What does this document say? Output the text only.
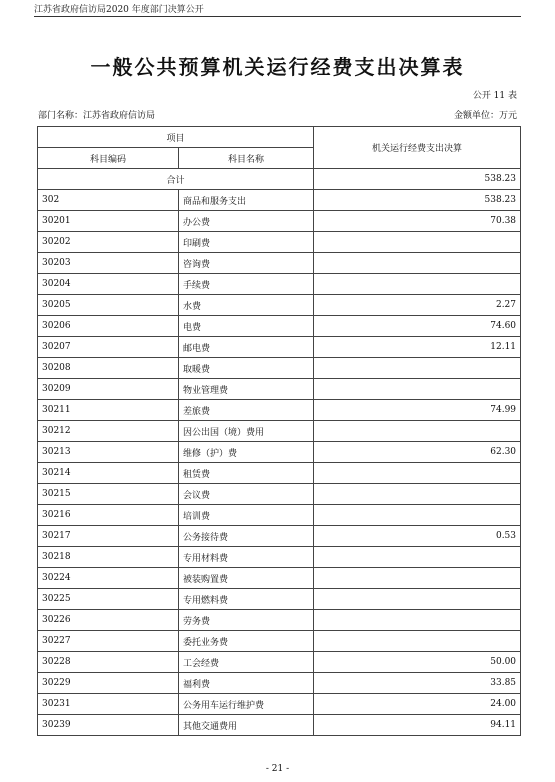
江苏省政府信访局2020 年度部门决算公开
一般公共预算机关运行经费支出决算表
公开 11 表
部门名称：江苏省政府信访局	金额单位：万元
项目		机关运行经费支出决算
科目编码	科目名称	
合计		538.23
302	商品和服务支出	538.23
30201	办公费	70.38
30202	印刷费	
30203	咨询费	
30204	手续费	
30205	水费	2.27
30206	电费	74.60
30207	邮电费	12.11
30208	取暖费	
30209	物业管理费	
30211	差旅费	74.99
30212	因公出国（境）费用	
30213	维修（护）费	62.30
30214	租赁费	
30215	会议费	
30216	培训费	
30217	公务接待费	0.53
30218	专用材料费	
30224	被装购置费	
30225	专用燃料费	
30226	劳务费	
30227	委托业务费	
30228	工会经费	50.00
30229	福利费	33.85
30231	公务用车运行维护费	24.00
30239	其他交通费用	94.11
- 21 -
